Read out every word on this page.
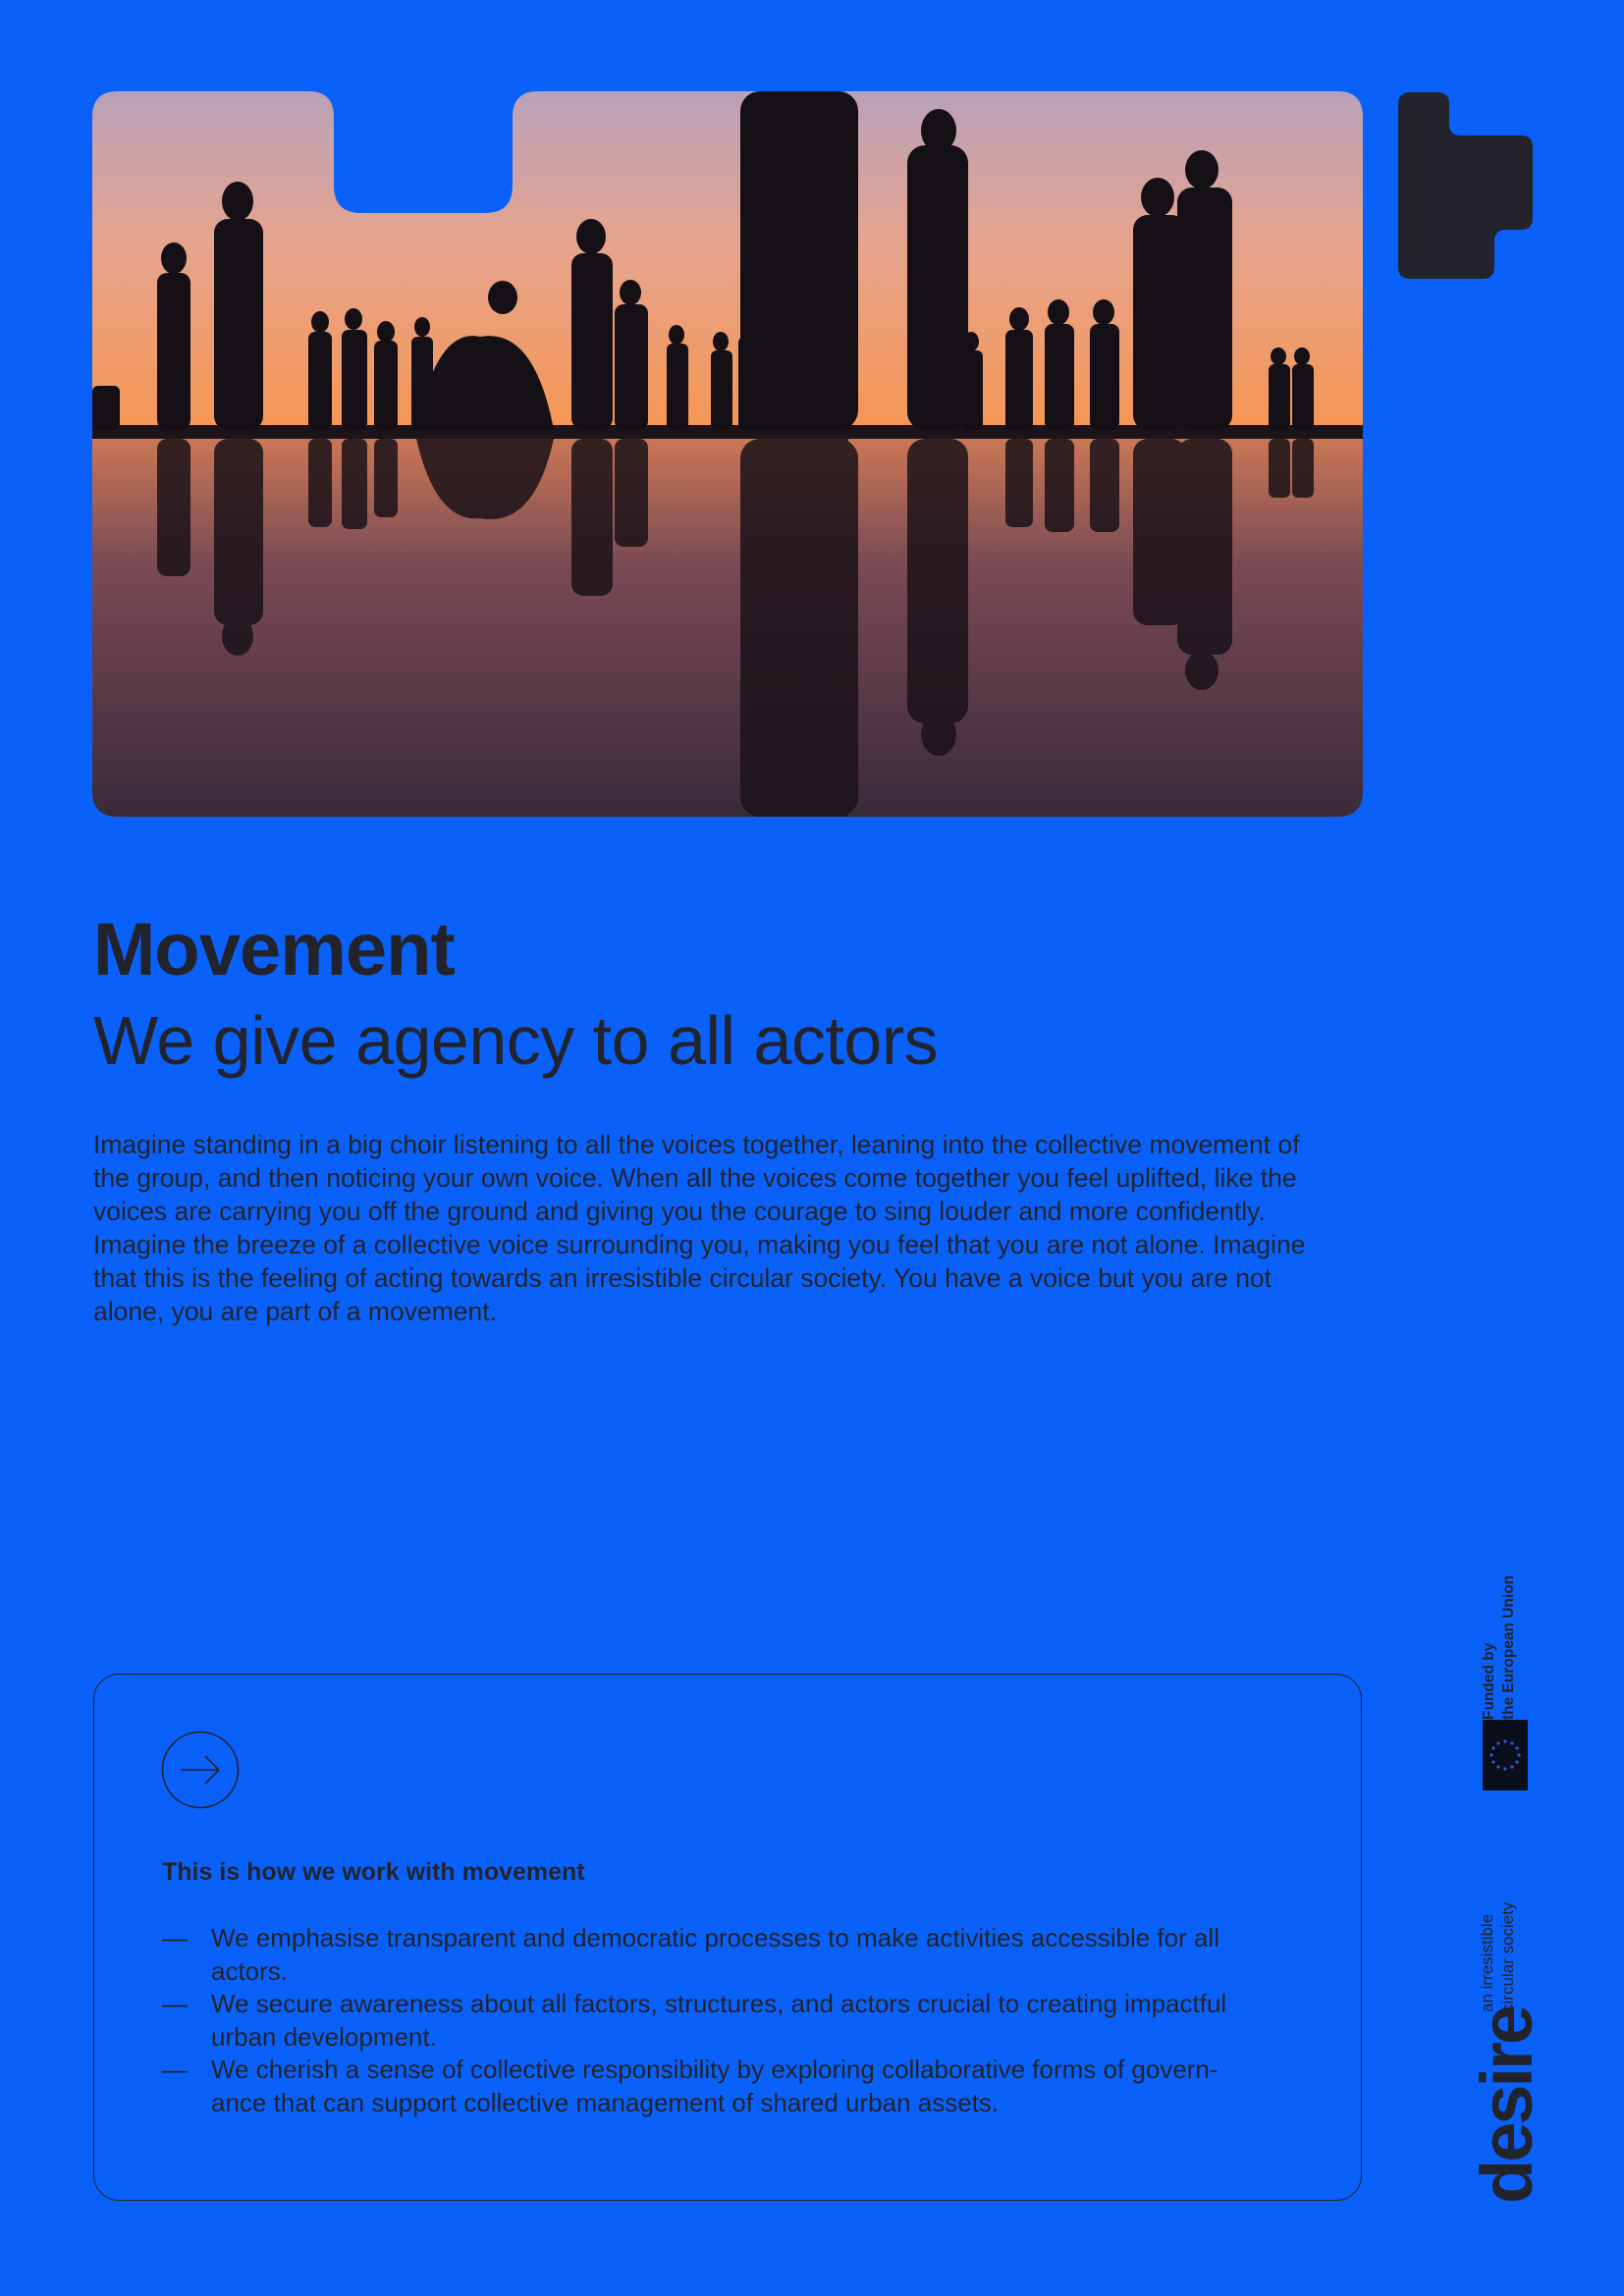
Movement
We give agency to all actors

Imagine standing in a big choir listening to all the voices together, leaning into the collective movement of
the group, and then noticing your own voice. When all the voices come together you feel uplifted, like the
voices are carrying you off the ground and giving you the courage to sing louder and more confidently.
Imagine the breeze of a collective voice surrounding you, making you feel that you are not alone. Imagine
that this is the feeling of acting towards an irresistible circular society. You have a voice but you are not
alone, you are part of a movement.

This is how we work with movement
— We emphasise transparent and democratic processes to make activities accessible for all
actors.
— We secure awareness about all factors, structures, and actors crucial to creating impactful
urban development.
— We cherish a sense of collective responsibility by exploring collaborative forms of govern-
ance that can support collective management of shared urban assets.
Funded by the European Union
desire
an irresistible circular society
